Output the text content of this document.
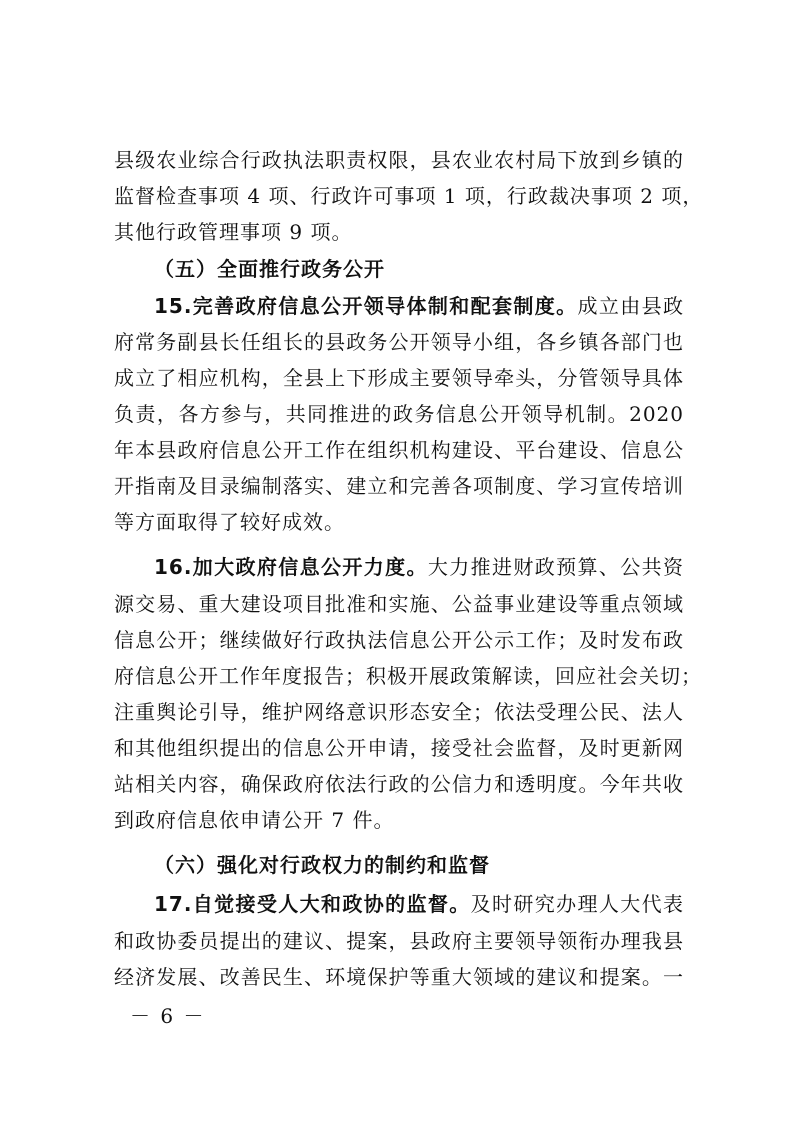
县级农业综合行政执法职责权限，县农业农村局下放到乡镇的
监督检查事项 4 项、行政许可事项 1 项，行政裁决事项 2 项，
其他行政管理事项 9 项。
（五）全面推行政务公开
15.完善政府信息公开领导体制和配套制度。成立由县政
府常务副县长任组长的县政务公开领导小组，各乡镇各部门也
成立了相应机构，全县上下形成主要领导牵头，分管领导具体
负责，各方参与，共同推进的政务信息公开领导机制。2020
年本县政府信息公开工作在组织机构建设、平台建设、信息公
开指南及目录编制落实、建立和完善各项制度、学习宣传培训
等方面取得了较好成效。
16.加大政府信息公开力度。大力推进财政预算、公共资
源交易、重大建设项目批准和实施、公益事业建设等重点领域
信息公开；继续做好行政执法信息公开公示工作；及时发布政
府信息公开工作年度报告；积极开展政策解读，回应社会关切；
注重舆论引导，维护网络意识形态安全；依法受理公民、法人
和其他组织提出的信息公开申请，接受社会监督，及时更新网
站相关内容，确保政府依法行政的公信力和透明度。今年共收
到政府信息依申请公开 7 件。
（六）强化对行政权力的制约和监督
17.自觉接受人大和政协的监督。及时研究办理人大代表
和政协委员提出的建议、提案，县政府主要领导领衔办理我县
经济发展、改善民生、环境保护等重大领域的建议和提案。一
－ 6 －
